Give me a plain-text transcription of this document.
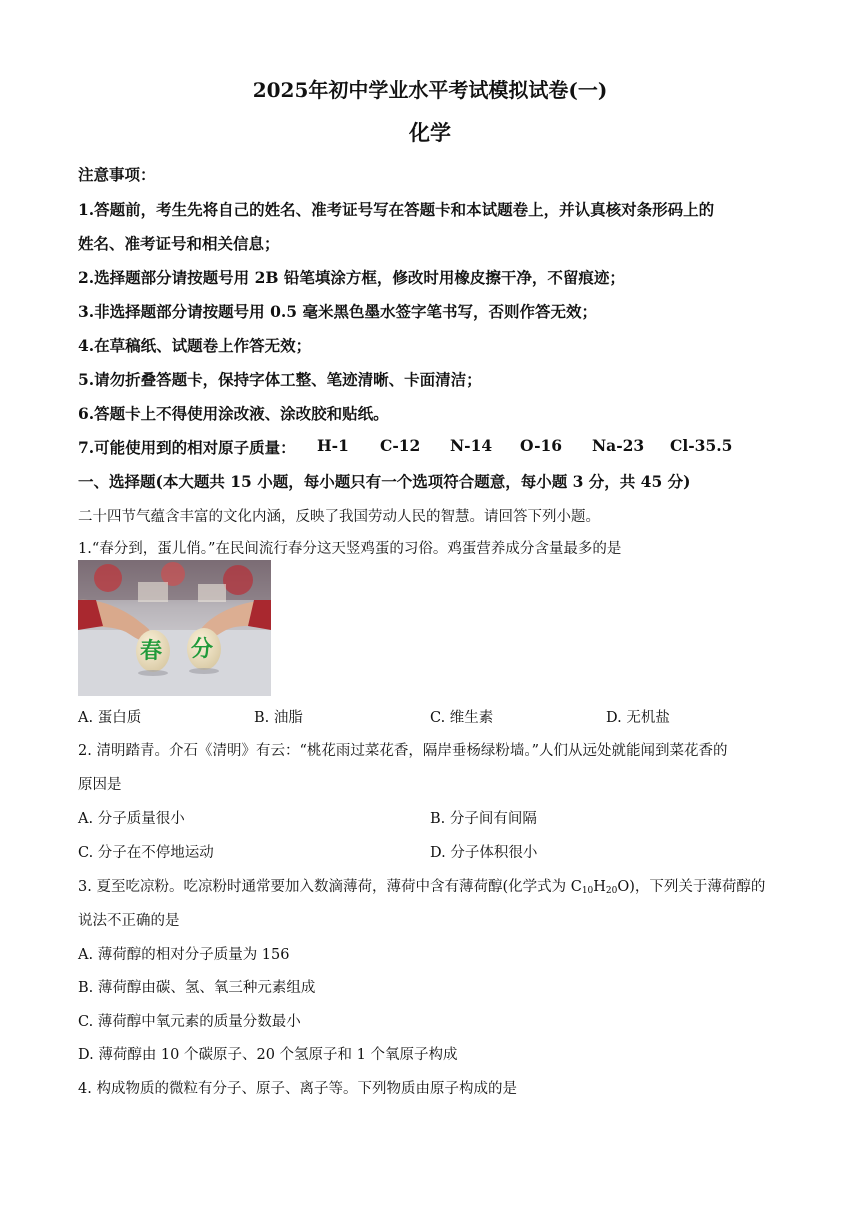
2025年初中学业水平考试模拟试卷(一)
化学
注意事项：
1.答题前，考生先将自己的姓名、准考证号写在答题卡和本试题卷上，并认真核对条形码上的
姓名、准考证号和相关信息；
2.选择题部分请按题号用 2B 铅笔填涂方框，修改时用橡皮擦干净，不留痕迹；
3.非选择题部分请按题号用 0.5 毫米黑色墨水签字笔书写，否则作答无效；
4.在草稿纸、试题卷上作答无效；
5.请勿折叠答题卡，保持字体工整、笔迹清晰、卡面清洁；
6.答题卡上不得使用涂改液、涂改胶和贴纸。
7.可能使用到的相对原子质量： H-1 C-12 N-14 O-16 Na-23 Cl-35.5
一、选择题(本大题共 15 小题，每小题只有一个选项符合题意，每小题 3 分，共 45 分)
二十四节气蕴含丰富的文化内涵，反映了我国劳动人民的智慧。请回答下列小题。
1.“春分到，蛋儿俏。”在民间流行春分这天竖鸡蛋的习俗。鸡蛋营养成分含量最多的是
春 分
A. 蛋白质	B. 油脂	C. 维生素	D. 无机盐
2. 清明踏青。介石《清明》有云：“桃花雨过菜花香，隔岸垂杨绿粉墙。”人们从远处就能闻到菜花香的
原因是
A. 分子质量很小	B. 分子间有间隔
C. 分子在不停地运动	D. 分子体积很小
3. 夏至吃凉粉。吃凉粉时通常要加入数滴薄荷，薄荷中含有薄荷醇(化学式为 $C_{10}H_{20}O$)，下列关于薄荷醇的
说法不正确的是
A. 薄荷醇的相对分子质量为 156
B. 薄荷醇由碳、氢、氧三种元素组成
C. 薄荷醇中氧元素的质量分数最小
D. 薄荷醇由 10 个碳原子、20 个氢原子和 1 个氧原子构成
4. 构成物质的微粒有分子、原子、离子等。下列物质由原子构成的是
